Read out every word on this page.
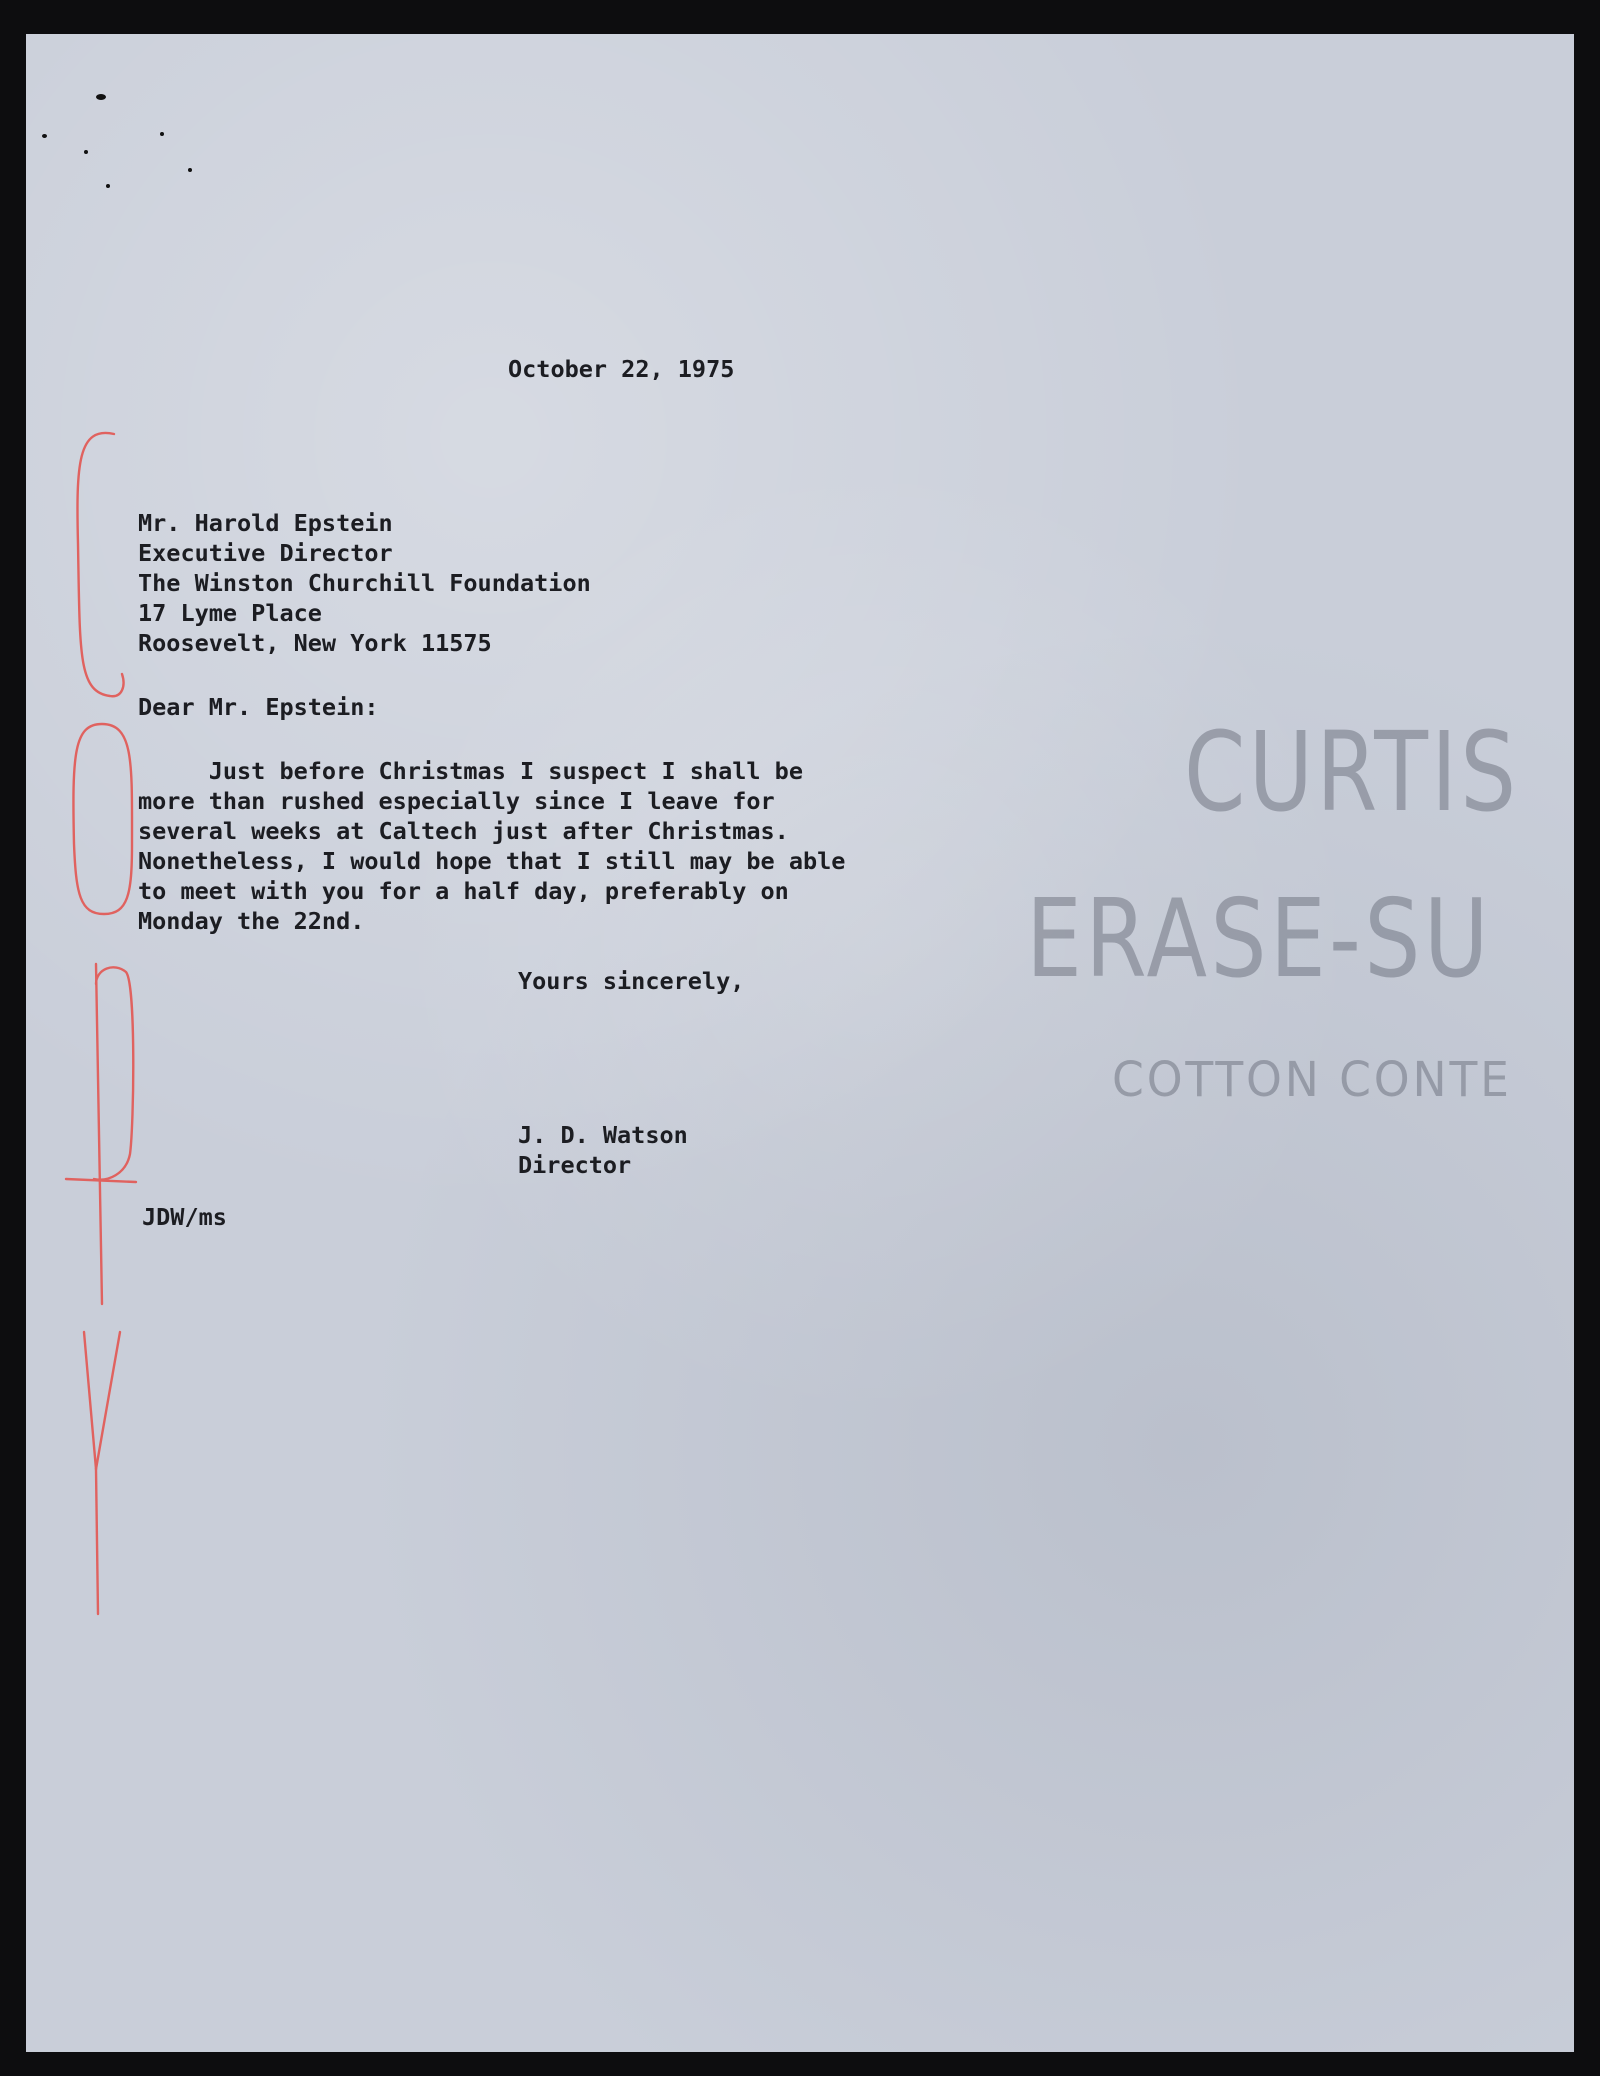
CURTIS
ERASE-SU
COTTON CONTE
October 22, 1975
Mr. Harold Epstein
Executive Director
The Winston Churchill Foundation
17 Lyme Place
Roosevelt, New York 11575
Dear Mr. Epstein:
Just before Christmas I suspect I shall be
more than rushed especially since I leave for
several weeks at Caltech just after Christmas.
Nonetheless, I would hope that I still may be able
to meet with you for a half day, preferably on
Monday the 22nd.
Yours sincerely,
J. D. Watson
Director
JDW/ms
